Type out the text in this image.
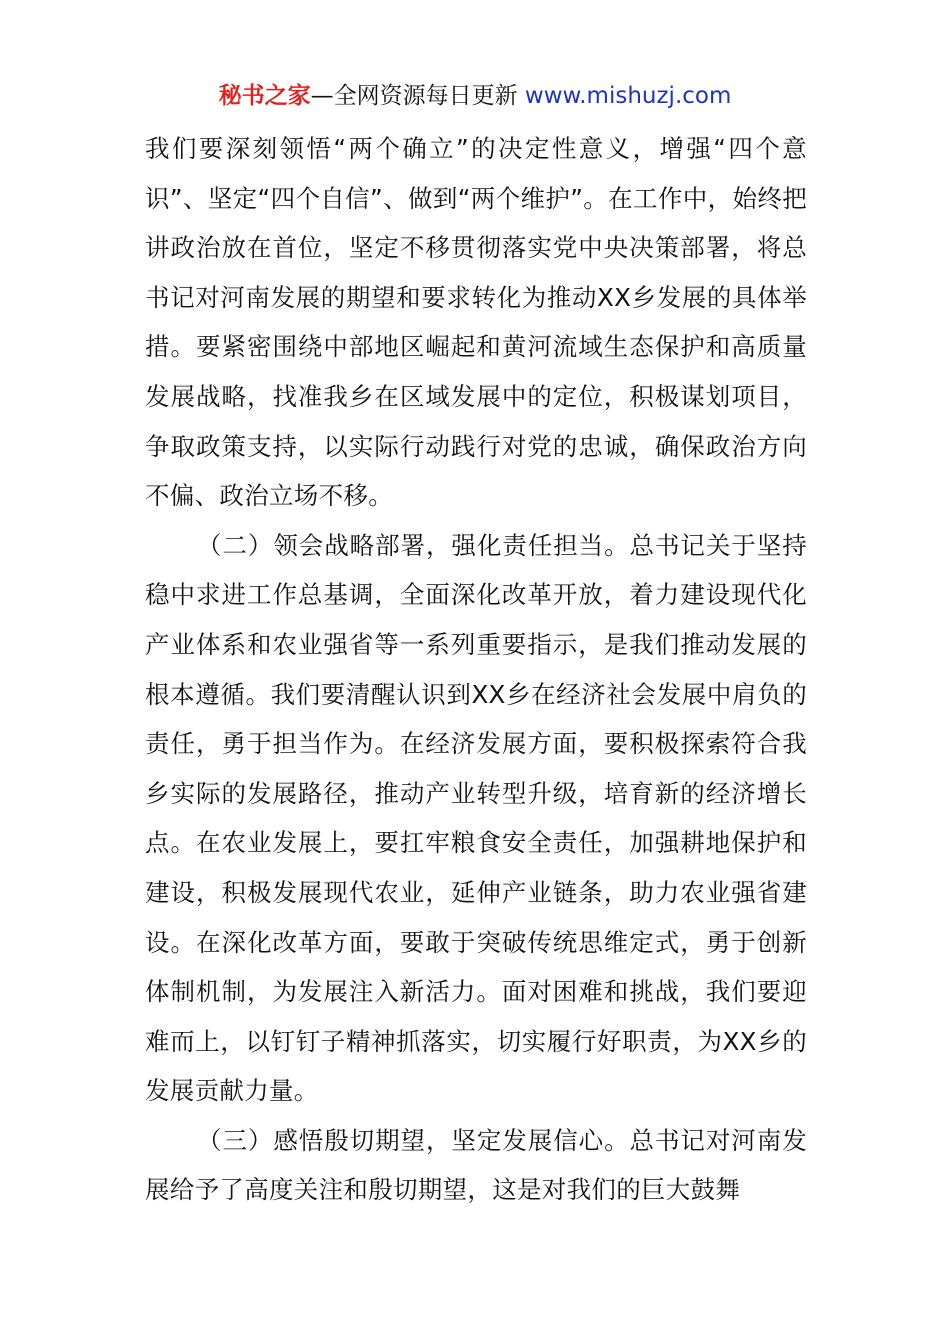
秘书之家—全网资源每日更新 www.mishuzj.com

我们要深刻领悟“两个确立”的决定性意义，增强“四个意识”、坚定“四个自信”、做到“两个维护”。在工作中，始终把讲政治放在首位，坚定不移贯彻落实党中央决策部署，将总书记对河南发展的期望和要求转化为推动XX乡发展的具体举措。要紧密围绕中部地区崛起和黄河流域生态保护和高质量发展战略，找准我乡在区域发展中的定位，积极谋划项目，争取政策支持，以实际行动践行对党的忠诚，确保政治方向不偏、政治立场不移。

（二）领会战略部署，强化责任担当。总书记关于坚持稳中求进工作总基调，全面深化改革开放，着力建设现代化产业体系和农业强省等一系列重要指示，是我们推动发展的根本遵循。我们要清醒认识到XX乡在经济社会发展中肩负的责任，勇于担当作为。在经济发展方面，要积极探索符合我乡实际的发展路径，推动产业转型升级，培育新的经济增长点。在农业发展上，要扛牢粮食安全责任，加强耕地保护和建设，积极发展现代农业，延伸产业链条，助力农业强省建设。在深化改革方面，要敢于突破传统思维定式，勇于创新体制机制，为发展注入新活力。面对困难和挑战，我们要迎难而上，以钉钉子精神抓落实，切实履行好职责，为XX乡的发展贡献力量。

（三）感悟殷切期望，坚定发展信心。总书记对河南发展给予了高度关注和殷切期望，这是对我们的巨大鼓舞
